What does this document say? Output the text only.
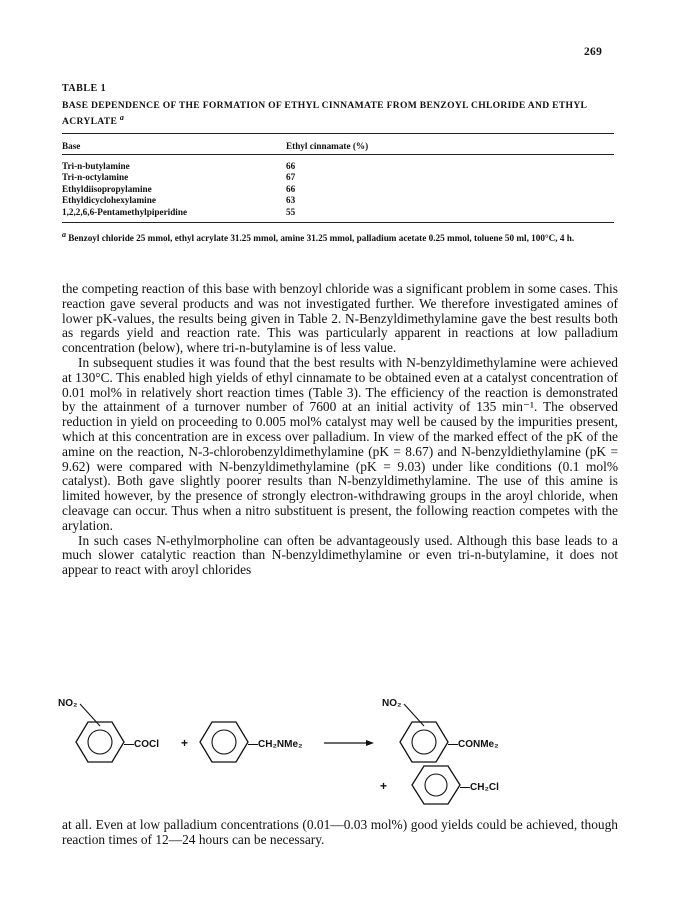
269
TABLE 1
BASE DEPENDENCE OF THE FORMATION OF ETHYL CINNAMATE FROM BENZOYL CHLORIDE AND ETHYL ACRYLATE $^a$
Base	Ethyl cinnamate (%)
Tri-n-butylamine	66
Tri-n-octylamine	67
Ethyldiisopropylamine	66
Ethyldicyclohexylamine	63
1,2,2,6,6-Pentamethylpiperidine	55
$^a$ Benzoyl chloride 25 mmol, ethyl acrylate 31.25 mmol, amine 31.25 mmol, palladium acetate 0.25 mmol, toluene 50 ml, 100°C, 4 h.

the competing reaction of this base with benzoyl chloride was a significant problem in some cases. This reaction gave several products and was not investigated further. We therefore investigated amines of lower pK-values, the results being given in Table 2. N-Benzyldimethylamine gave the best results both as regards yield and reaction rate. This was particularly apparent in reactions at low palladium concentration (below), where tri-n-butylamine is of less value.

In subsequent studies it was found that the best results with N-benzyldimethylamine were achieved at 130°C. This enabled high yields of ethyl cinnamate to be obtained even at a catalyst concentration of 0.01 mol% in relatively short reaction times (Table 3). The efficiency of the reaction is demonstrated by the attainment of a turnover number of 7600 at an initial activity of 135 min⁻¹. The observed reduction in yield on proceeding to 0.005 mol% catalyst may well be caused by the impurities present, which at this concentration are in excess over palladium. In view of the marked effect of the pK of the amine on the reaction, N-3-chlorobenzyldimethylamine (pK = 8.67) and N-benzyldiethylamine (pK = 9.62) were compared with N-benzyldimethylamine (pK = 9.03) under like conditions (0.1 mol% catalyst). Both gave slightly poorer results than N-benzyldimethylamine. The use of this amine is limited however, by the presence of strongly electron-withdrawing groups in the aroyl chloride, when cleavage can occur. Thus when a nitro substituent is present, the following reaction competes with the arylation.

In such cases N-ethylmorpholine can often be advantageously used. Although this base leads to a much slower catalytic reaction than N-benzyldimethylamine or even tri-n-butylamine, it does not appear to react with aroyl chlorides

NO₂
—COCl +	—CH₂NMe₂
NO₂
—CONMe₂
+	—CH₂Cl

at all. Even at low palladium concentrations (0.01—0.03 mol%) good yields could be achieved, though reaction times of 12—24 hours can be necessary.
